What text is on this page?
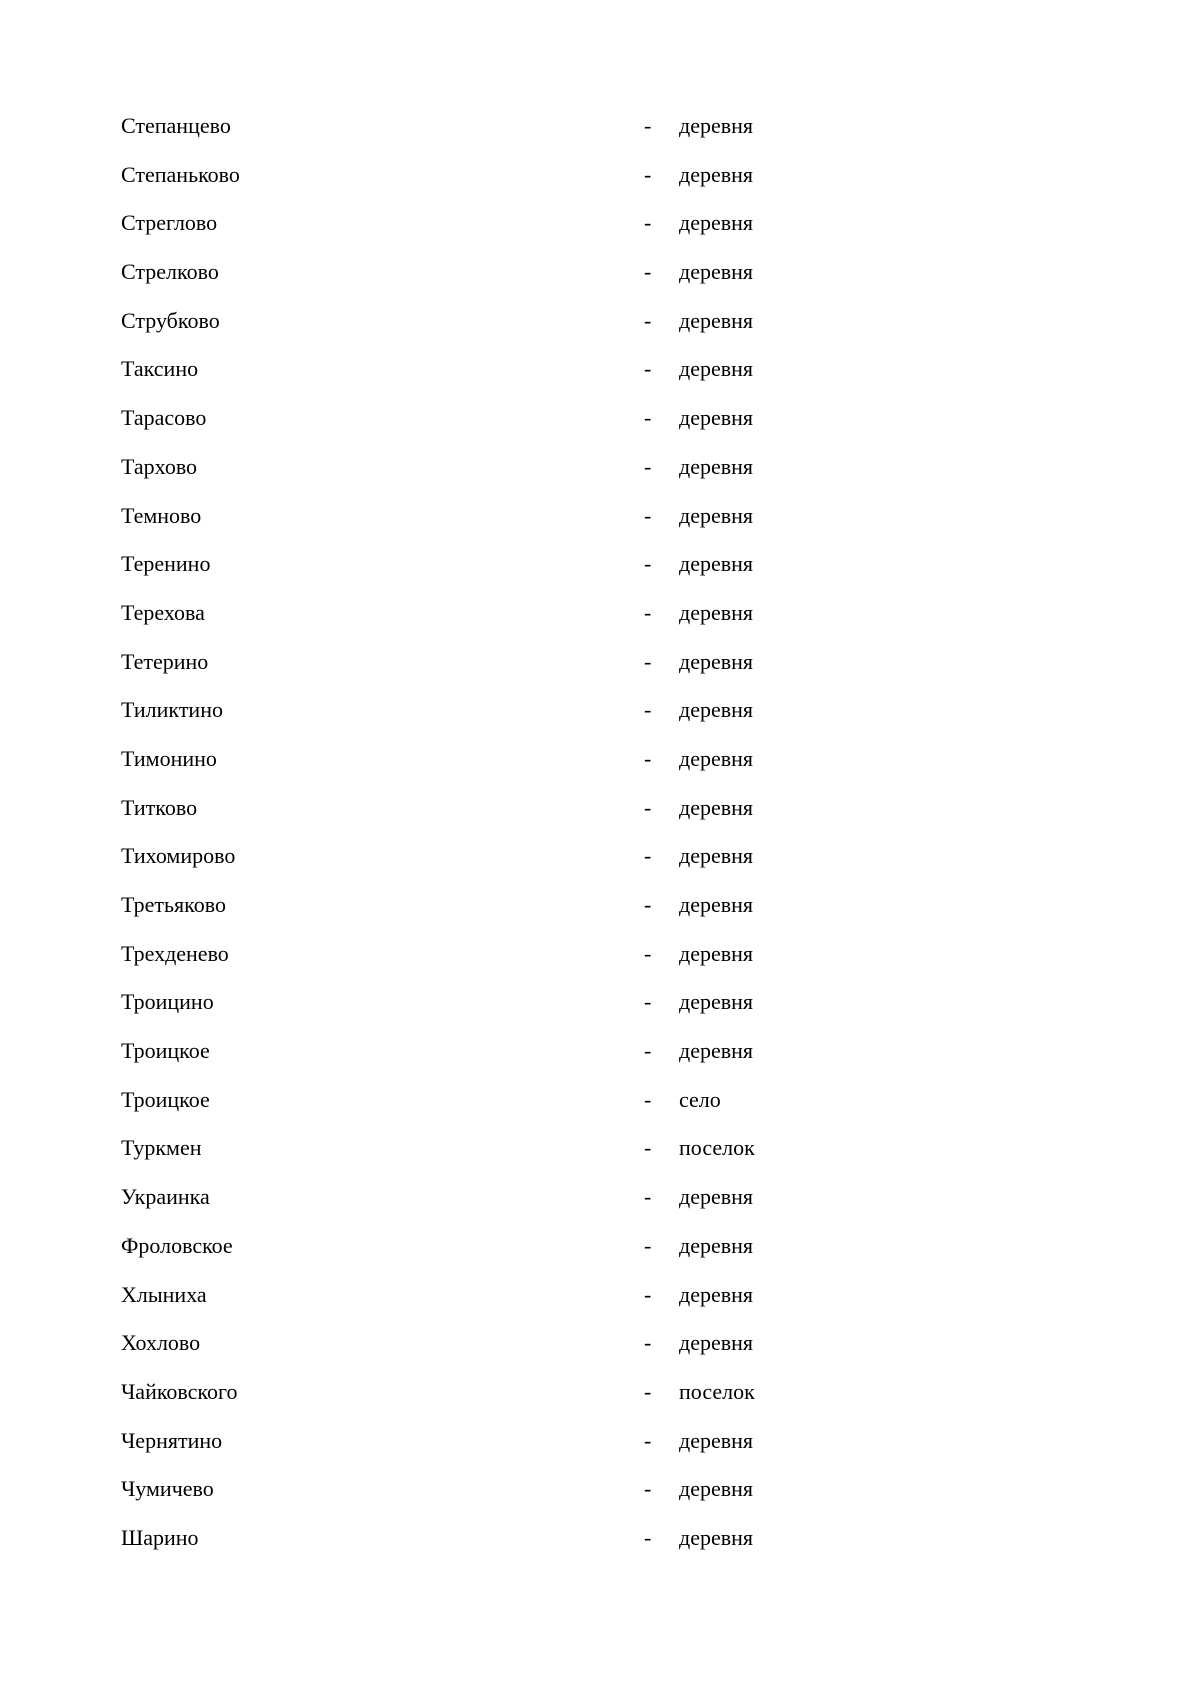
Степанцево	- деревня
Степаньково	- деревня
Стреглово	- деревня
Стрелково	- деревня
Струбково	- деревня
Таксино	- деревня
Тарасово	- деревня
Тархово	- деревня
Темново	- деревня
Теренино	- деревня
Терехова	- деревня
Тетерино	- деревня
Тиликтино	- деревня
Тимонино	- деревня
Титково	- деревня
Тихомирово	- деревня
Третьяково	- деревня
Трехденево	- деревня
Троицино	- деревня
Троицкое	- деревня
Троицкое	- село
Туркмен	- поселок
Украинка	- деревня
Фроловское	- деревня
Хлыниха	- деревня
Хохлово	- деревня
Чайковского	- поселок
Чернятино	- деревня
Чумичево	- деревня
Шарино	- деревня
